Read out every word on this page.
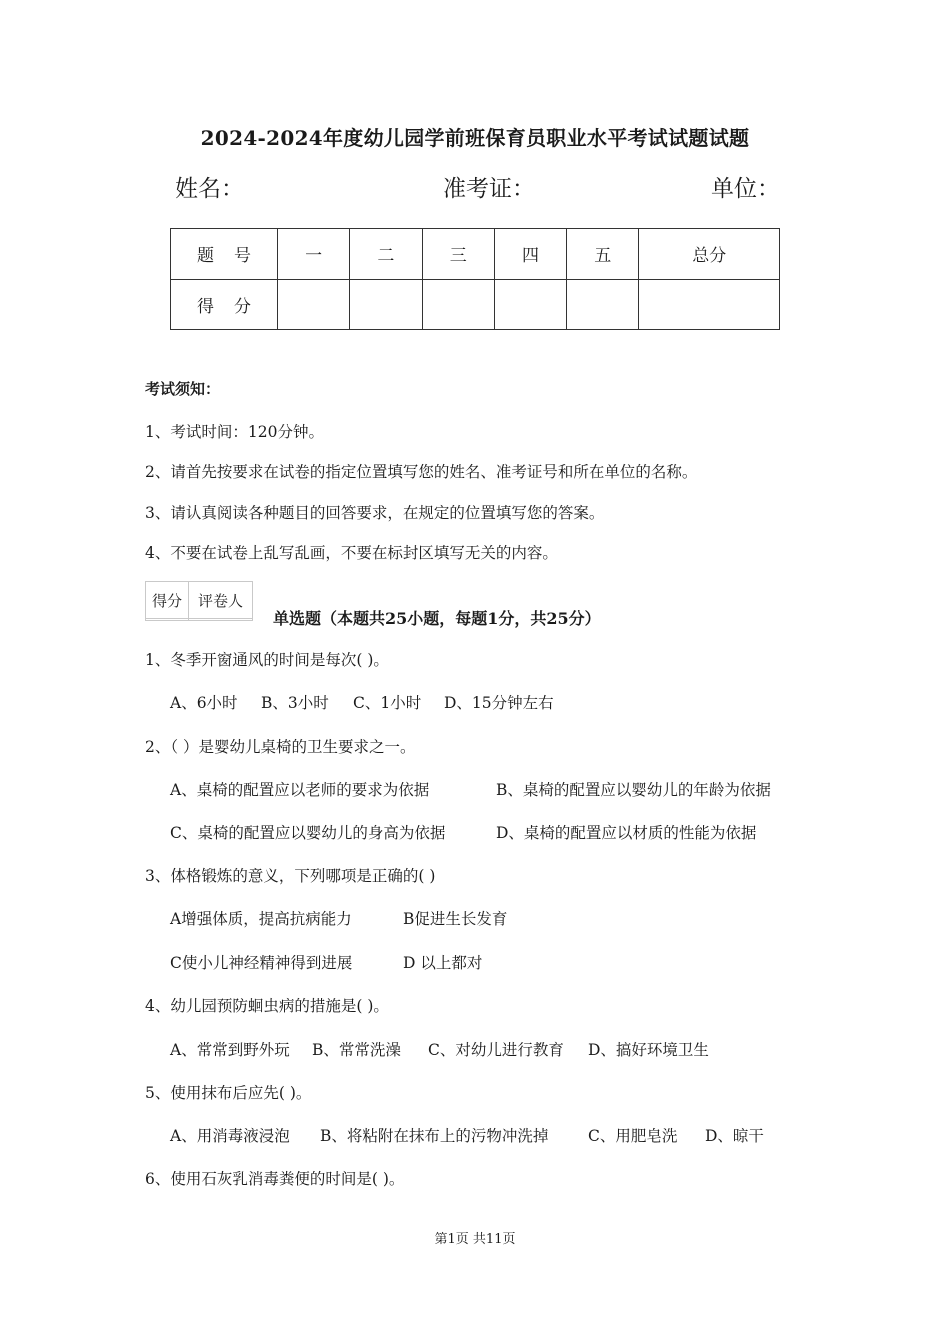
2024-2024年度幼儿园学前班保育员职业水平考试试题试题
姓名：	准考证：	单位：
题号	一	二	三	四	五	总分
得分						
考试须知：
1、考试时间：120分钟。
2、请首先按要求在试卷的指定位置填写您的姓名、准考证号和所在单位的名称。
3、请认真阅读各种题目的回答要求，在规定的位置填写您的答案。
4、不要在试卷上乱写乱画，不要在标封区填写无关的内容。
得分	评卷人

单选题（本题共25小题，每题1分，共25分）
1、冬季开窗通风的时间是每次( )。
A、6小时 B、3小时 C、1小时 D、15分钟左右
2、（ ）是婴幼儿桌椅的卫生要求之一。
A、桌椅的配置应以老师的要求为依据	B、桌椅的配置应以婴幼儿的年龄为依据
C、桌椅的配置应以婴幼儿的身高为依据	D、桌椅的配置应以材质的性能为依据
3、体格锻炼的意义，下列哪项是正确的( )
A增强体质，提高抗病能力	B促进生长发育
C使小儿神经精神得到进展	D 以上都对
4、幼儿园预防蛔虫病的措施是( )。
A、常常到野外玩 B、常常洗澡 C、对幼儿进行教育 D、搞好环境卫生
5、使用抹布后应先( )。
A、用消毒液浸泡 B、将粘附在抹布上的污物冲洗掉	C、用肥皂洗 D、晾干
6、使用石灰乳消毒粪便的时间是( )。
第1页 共11页
